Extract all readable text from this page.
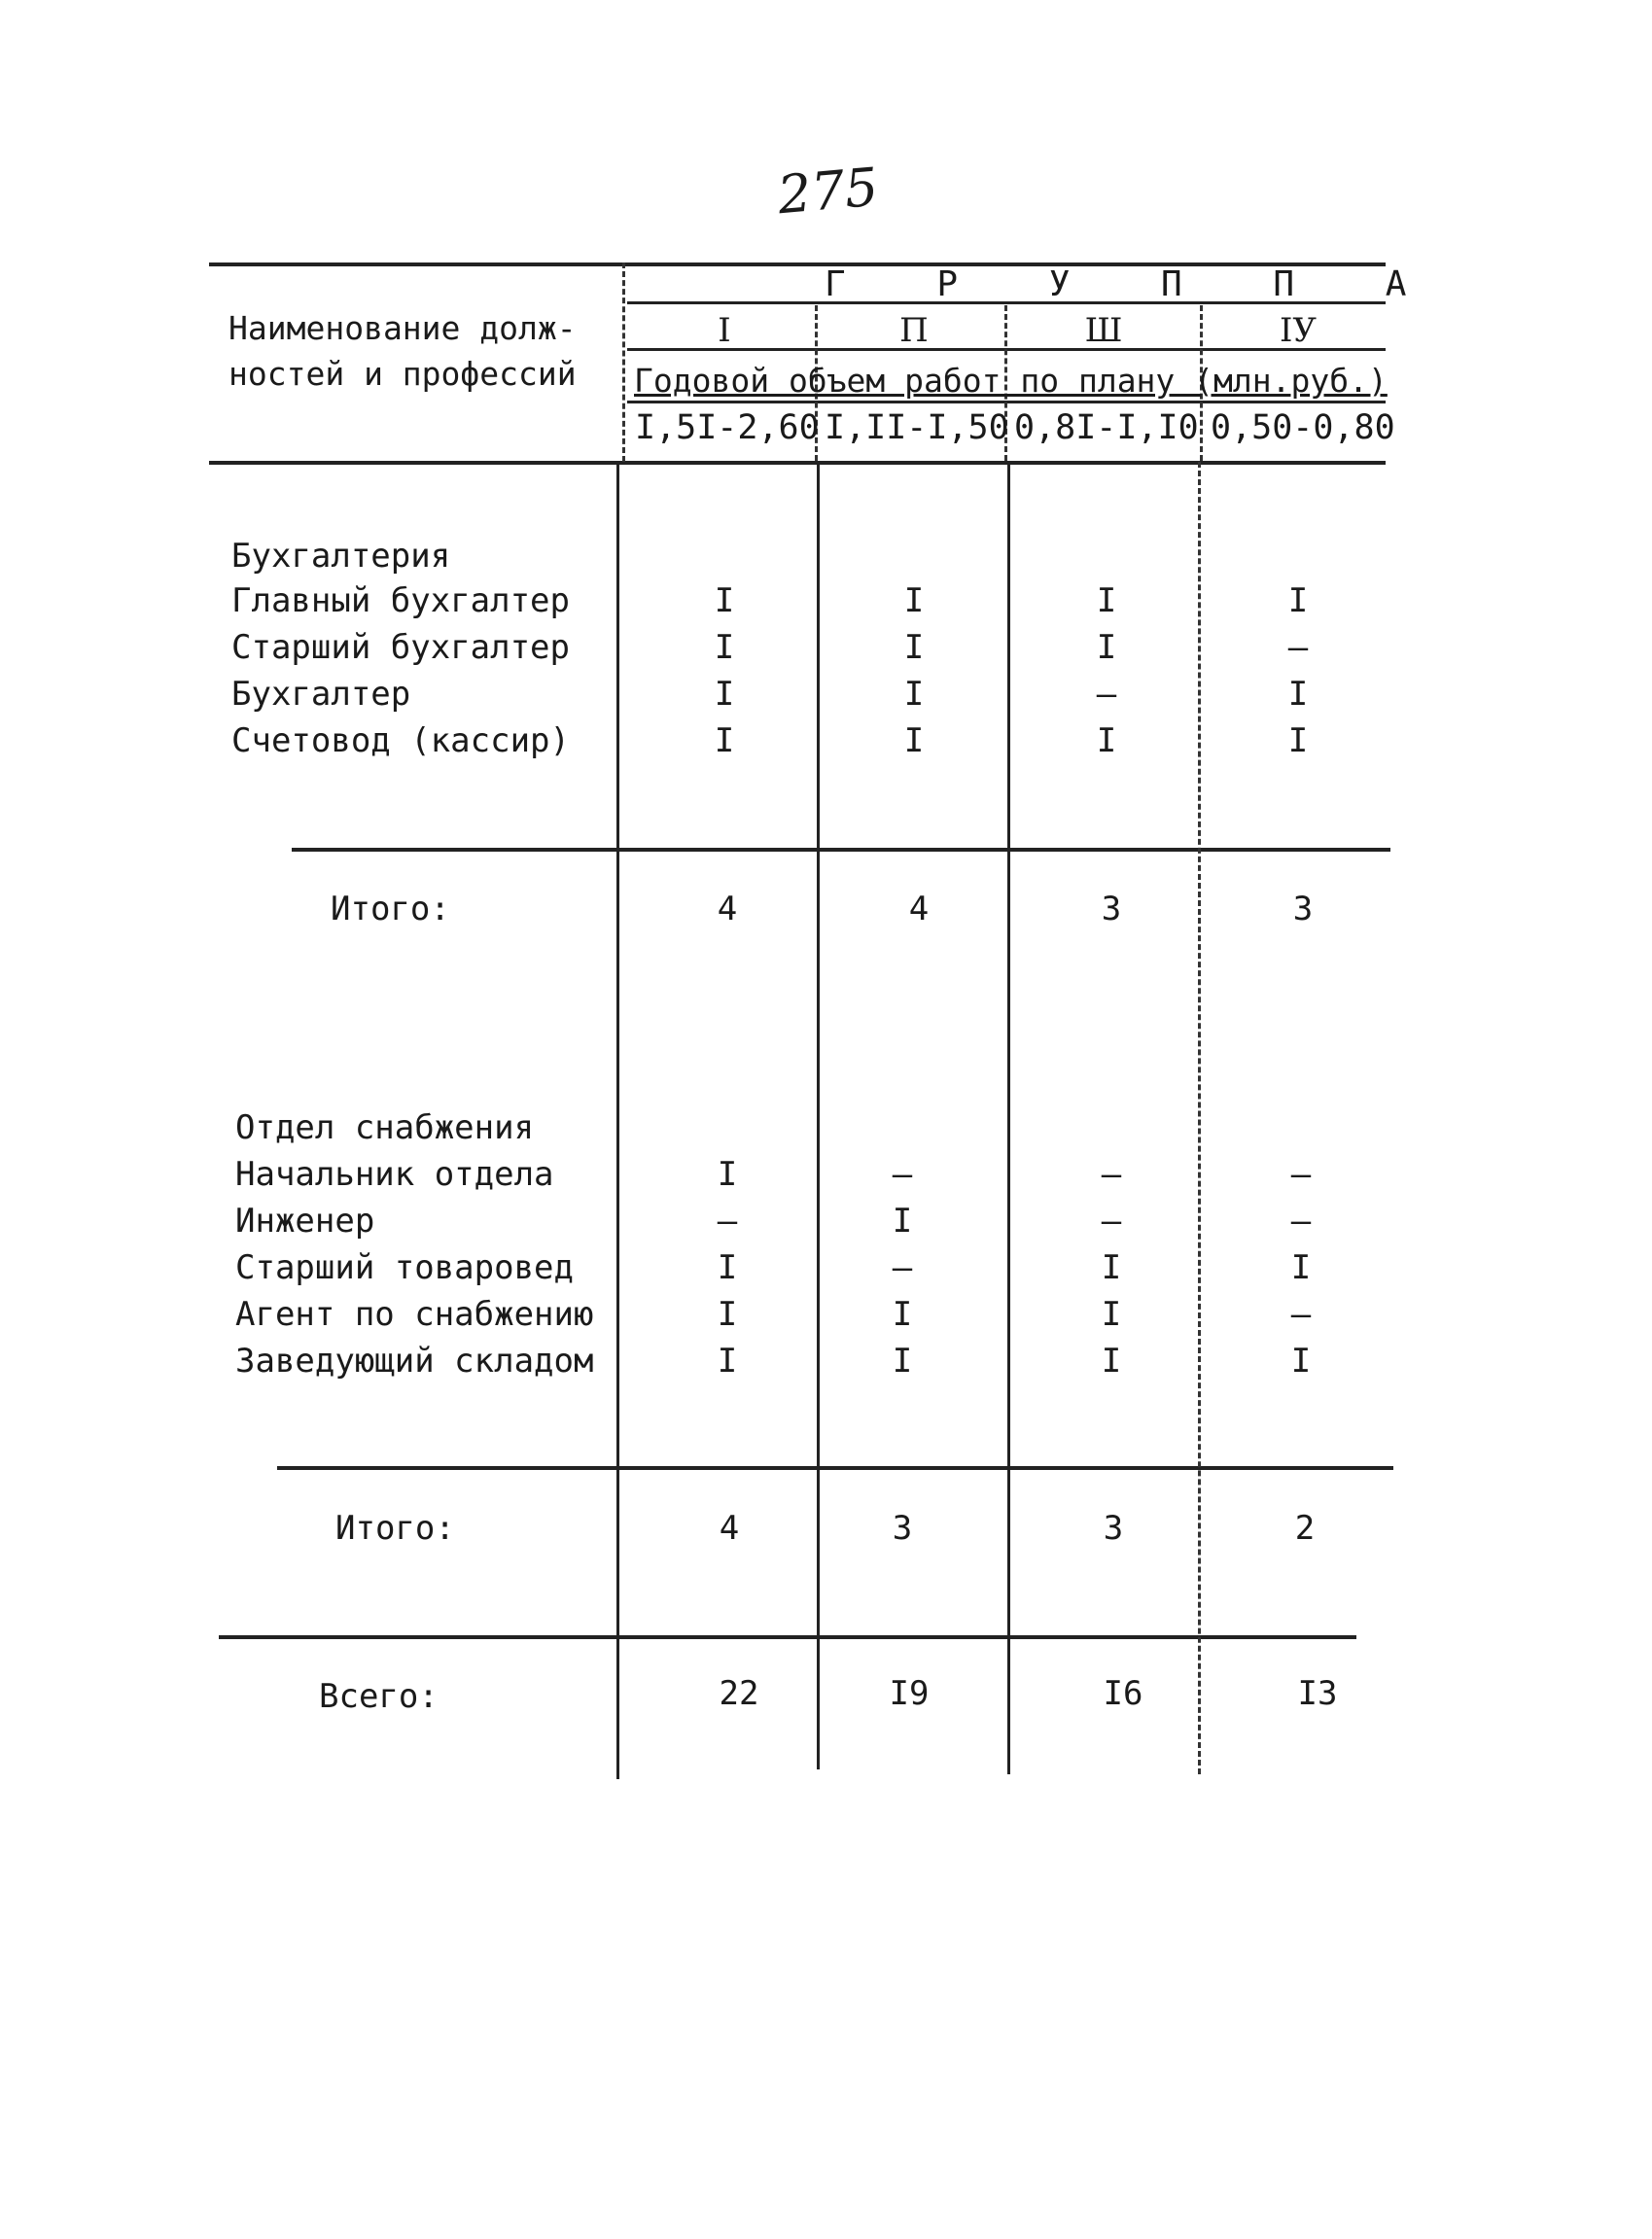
275
Наименование долж-
ностей и профессий
Г Р У П П А
I	П	Ш	IУ
Годовой объем работ по плану (млн.руб.)
I,5I-2,60 I,II-I,50 0,8I-I,I0 0,50-0,80
Бухгалтерия
Главный бухгалтер	I	I	I	I
Старший бухгалтер	I	I	I	–
Бухгалтер	I	I	–	I
Счетовод (кассир)	I	I	I	I
Итого:	4	4	3	3
Отдел снабжения
Начальник отдела	I	–	–	–
Инженер	–	I	–	–
Старший товаровед	I	–	I	I
Агент по снабжению	I	I	I	–
Заведующий складом	I	I	I	I
Итого:	4	3	3	2
Всего:	22	I9	I6	I3
